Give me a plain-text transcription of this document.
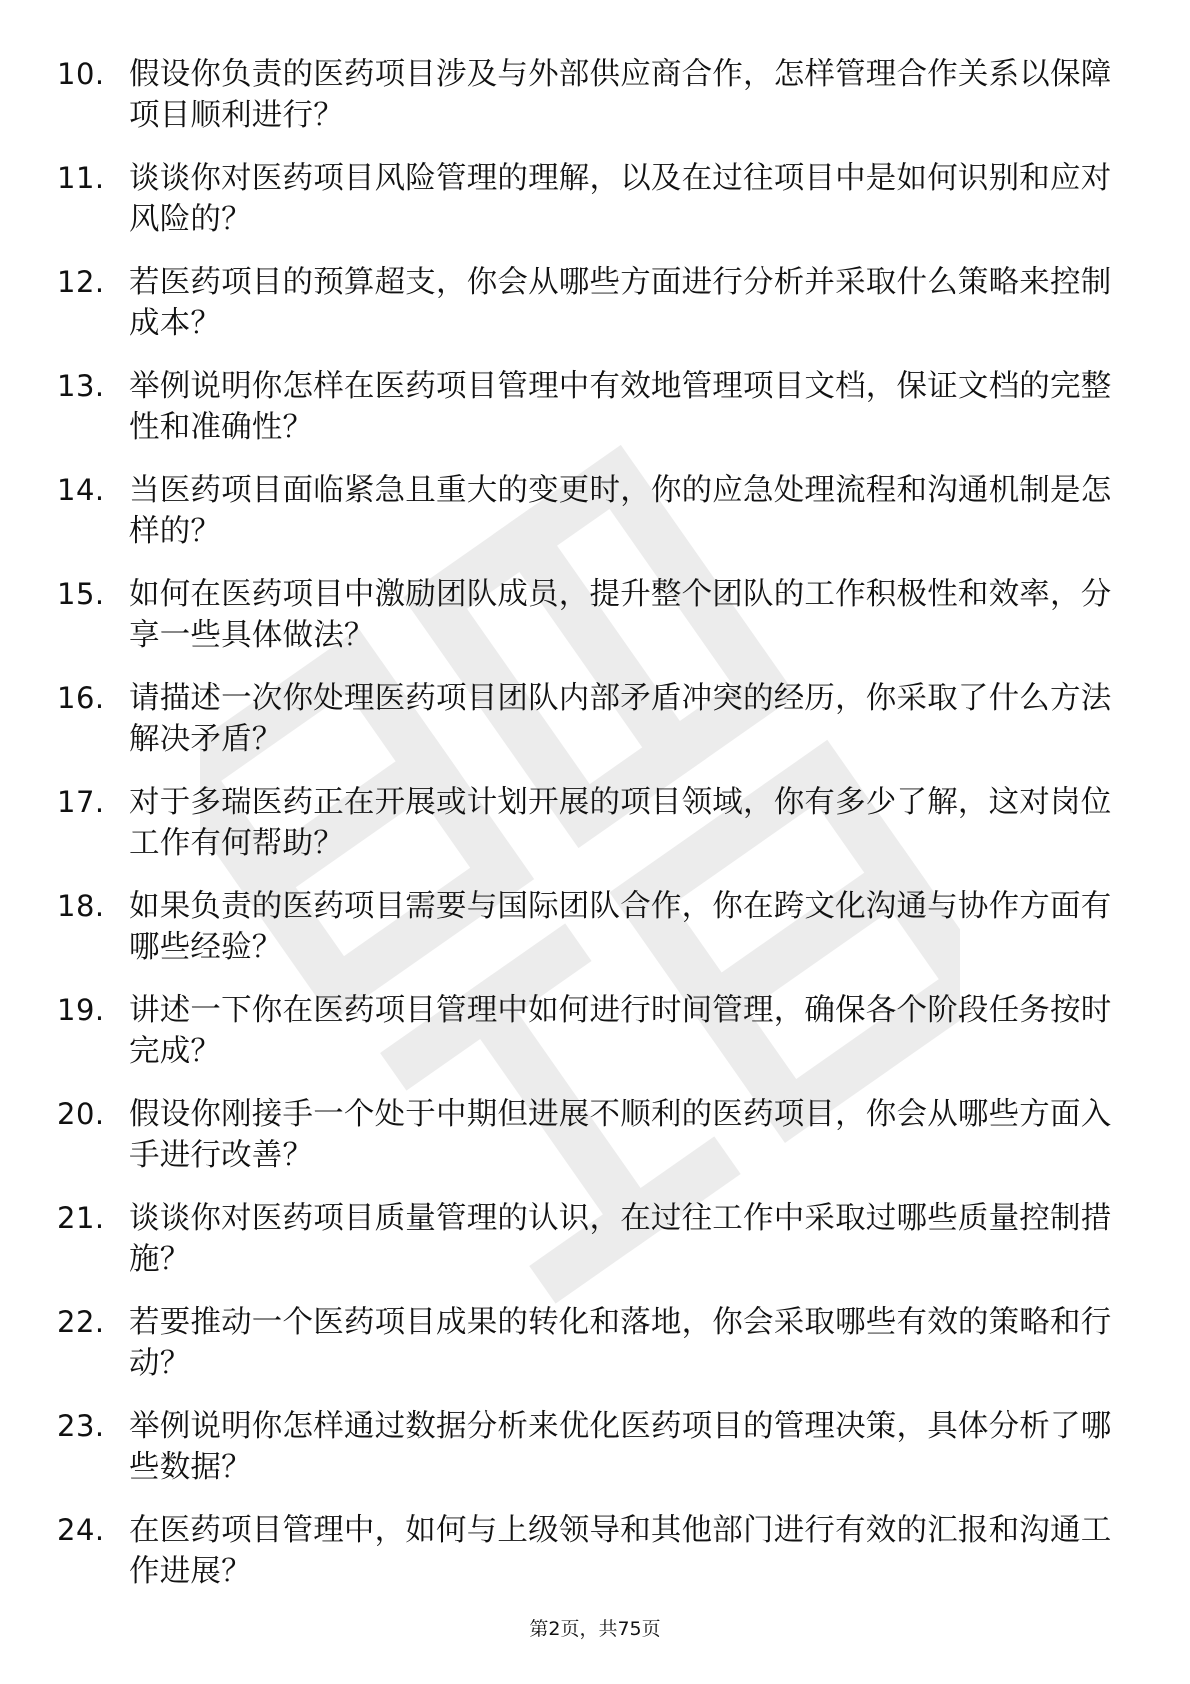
10. 假设你负责的医药项目涉及与外部供应商合作，怎样管理合作关系以保障项目顺利进行？
11. 谈谈你对医药项目风险管理的理解，以及在过往项目中是如何识别和应对风险的？
12. 若医药项目的预算超支，你会从哪些方面进行分析并采取什么策略来控制成本？
13. 举例说明你怎样在医药项目管理中有效地管理项目文档，保证文档的完整性和准确性？
14. 当医药项目面临紧急且重大的变更时，你的应急处理流程和沟通机制是怎样的？
15. 如何在医药项目中激励团队成员，提升整个团队的工作积极性和效率，分享一些具体做法？
16. 请描述一次你处理医药项目团队内部矛盾冲突的经历，你采取了什么方法解决矛盾？
17. 对于多瑞医药正在开展或计划开展的项目领域，你有多少了解，这对岗位工作有何帮助？
18. 如果负责的医药项目需要与国际团队合作，你在跨文化沟通与协作方面有哪些经验？
19. 讲述一下你在医药项目管理中如何进行时间管理，确保各个阶段任务按时完成？
20. 假设你刚接手一个处于中期但进展不顺利的医药项目，你会从哪些方面入手进行改善？
21. 谈谈你对医药项目质量管理的认识，在过往工作中采取过哪些质量控制措施？
22. 若要推动一个医药项目成果的转化和落地，你会采取哪些有效的策略和行动？
23. 举例说明你怎样通过数据分析来优化医药项目的管理决策，具体分析了哪些数据？
24. 在医药项目管理中，如何与上级领导和其他部门进行有效的汇报和沟通工作进展？
第2页，共75页
